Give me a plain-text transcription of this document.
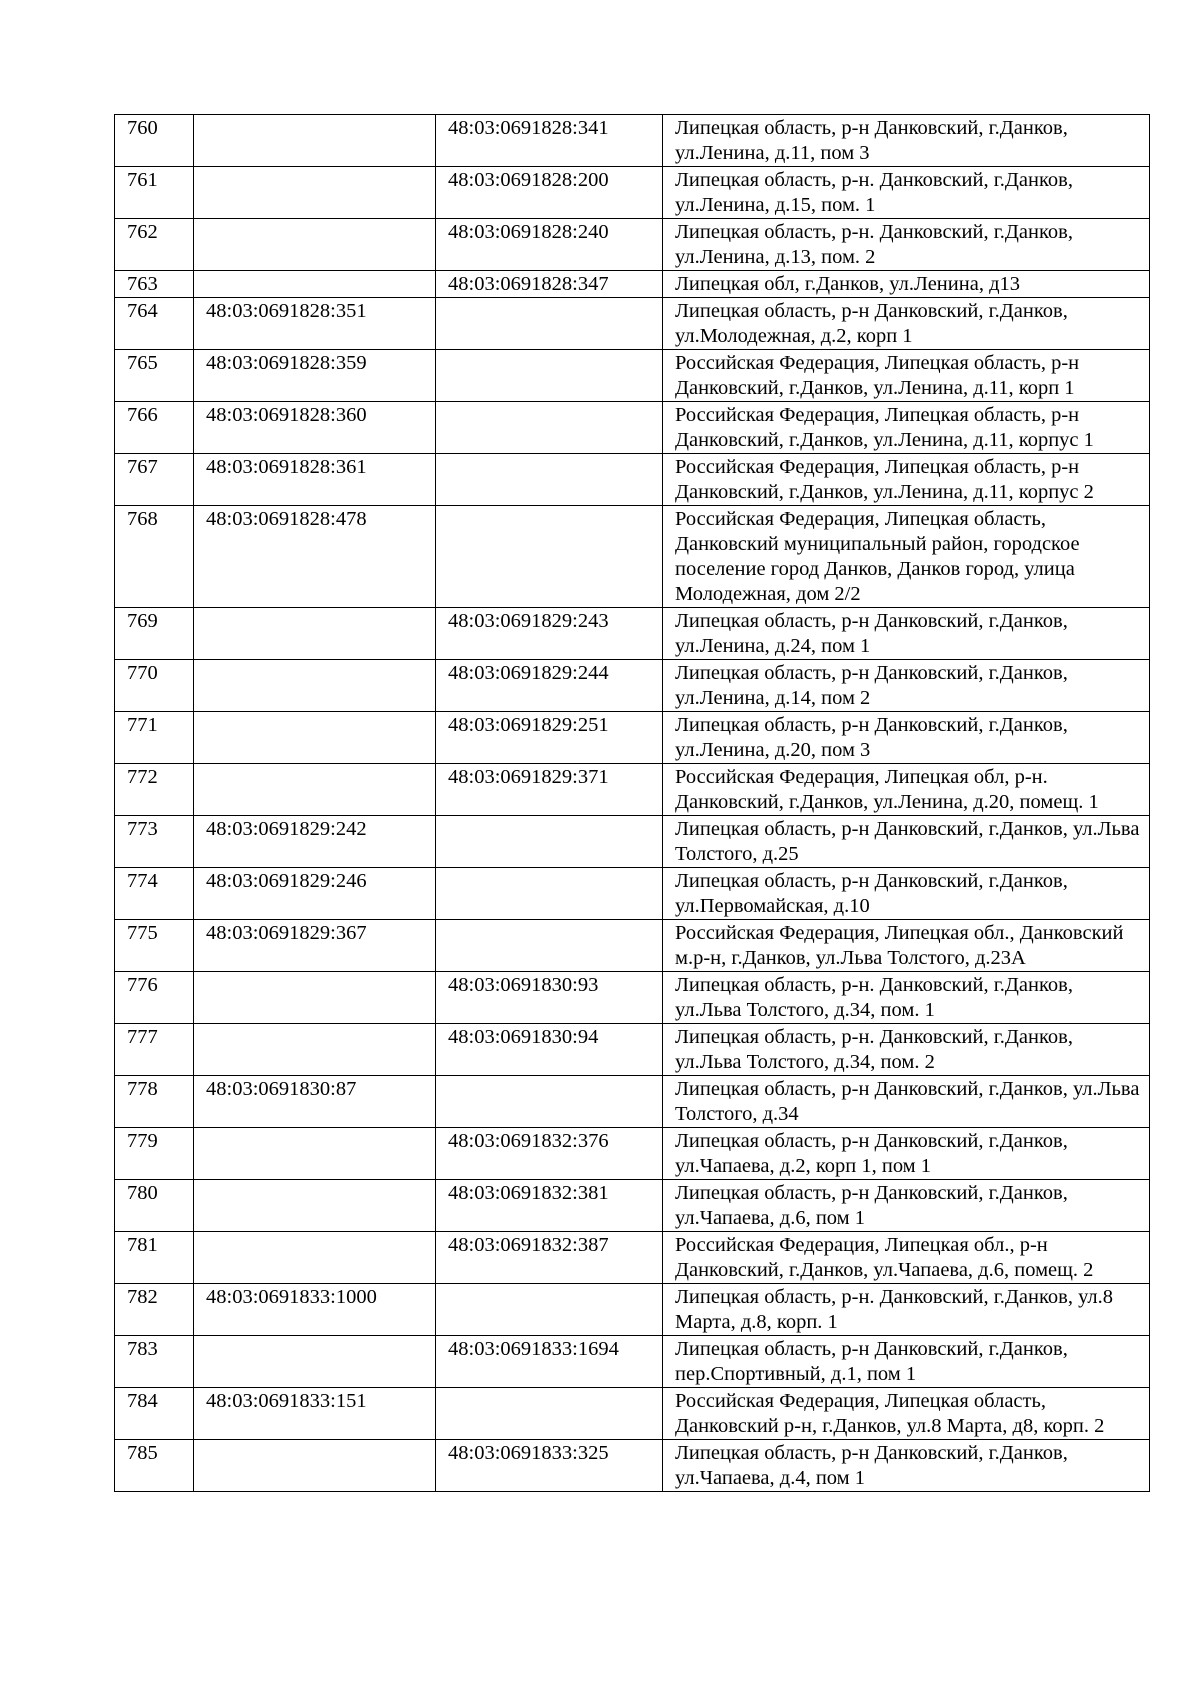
760		48:03:0691828:341	Липецкая область, р-н Данковский, г.Данков, ул.Ленина, д.11, пом 3
761		48:03:0691828:200	Липецкая область, р-н. Данковский, г.Данков, ул.Ленина, д.15, пом. 1
762		48:03:0691828:240	Липецкая область, р-н. Данковский, г.Данков, ул.Ленина, д.13, пом. 2
763		48:03:0691828:347	Липецкая обл, г.Данков, ул.Ленина, д13
764	48:03:0691828:351		Липецкая область, р-н Данковский, г.Данков, ул.Молодежная, д.2, корп 1
765	48:03:0691828:359		Российская Федерация, Липецкая область, р-н Данковский, г.Данков, ул.Ленина, д.11, корп 1
766	48:03:0691828:360		Российская Федерация, Липецкая область, р-н Данковский, г.Данков, ул.Ленина, д.11, корпус 1
767	48:03:0691828:361		Российская Федерация, Липецкая область, р-н Данковский, г.Данков, ул.Ленина, д.11, корпус 2
768	48:03:0691828:478		Российская Федерация, Липецкая область, Данковский муниципальный район, городское поселение город Данков, Данков город, улица Молодежная, дом 2/2
769		48:03:0691829:243	Липецкая область, р-н Данковский, г.Данков, ул.Ленина, д.24, пом 1
770		48:03:0691829:244	Липецкая область, р-н Данковский, г.Данков, ул.Ленина, д.14, пом 2
771		48:03:0691829:251	Липецкая область, р-н Данковский, г.Данков, ул.Ленина, д.20, пом 3
772		48:03:0691829:371	Российская Федерация, Липецкая обл, р-н. Данковский, г.Данков, ул.Ленина, д.20, помещ. 1
773	48:03:0691829:242		Липецкая область, р-н Данковский, г.Данков, ул.Льва Толстого, д.25
774	48:03:0691829:246		Липецкая область, р-н Данковский, г.Данков, ул.Первомайская, д.10
775	48:03:0691829:367		Российская Федерация, Липецкая обл., Данковский м.р-н, г.Данков, ул.Льва Толстого, д.23А
776		48:03:0691830:93	Липецкая область, р-н. Данковский, г.Данков, ул.Льва Толстого, д.34, пом. 1
777		48:03:0691830:94	Липецкая область, р-н. Данковский, г.Данков, ул.Льва Толстого, д.34, пом. 2
778	48:03:0691830:87		Липецкая область, р-н Данковский, г.Данков, ул.Льва Толстого, д.34
779		48:03:0691832:376	Липецкая область, р-н Данковский, г.Данков, ул.Чапаева, д.2, корп 1, пом 1
780		48:03:0691832:381	Липецкая область, р-н Данковский, г.Данков, ул.Чапаева, д.6, пом 1
781		48:03:0691832:387	Российская Федерация, Липецкая обл., р-н Данковский, г.Данков, ул.Чапаева, д.6, помещ. 2
782	48:03:0691833:1000		Липецкая область, р-н. Данковский, г.Данков, ул.8 Марта, д.8, корп. 1
783		48:03:0691833:1694	Липецкая область, р-н Данковский, г.Данков, пер.Спортивный, д.1, пом 1
784	48:03:0691833:151		Российская Федерация, Липецкая область, Данковский р-н, г.Данков, ул.8 Марта, д8, корп. 2
785		48:03:0691833:325	Липецкая область, р-н Данковский, г.Данков, ул.Чапаева, д.4, пом 1
